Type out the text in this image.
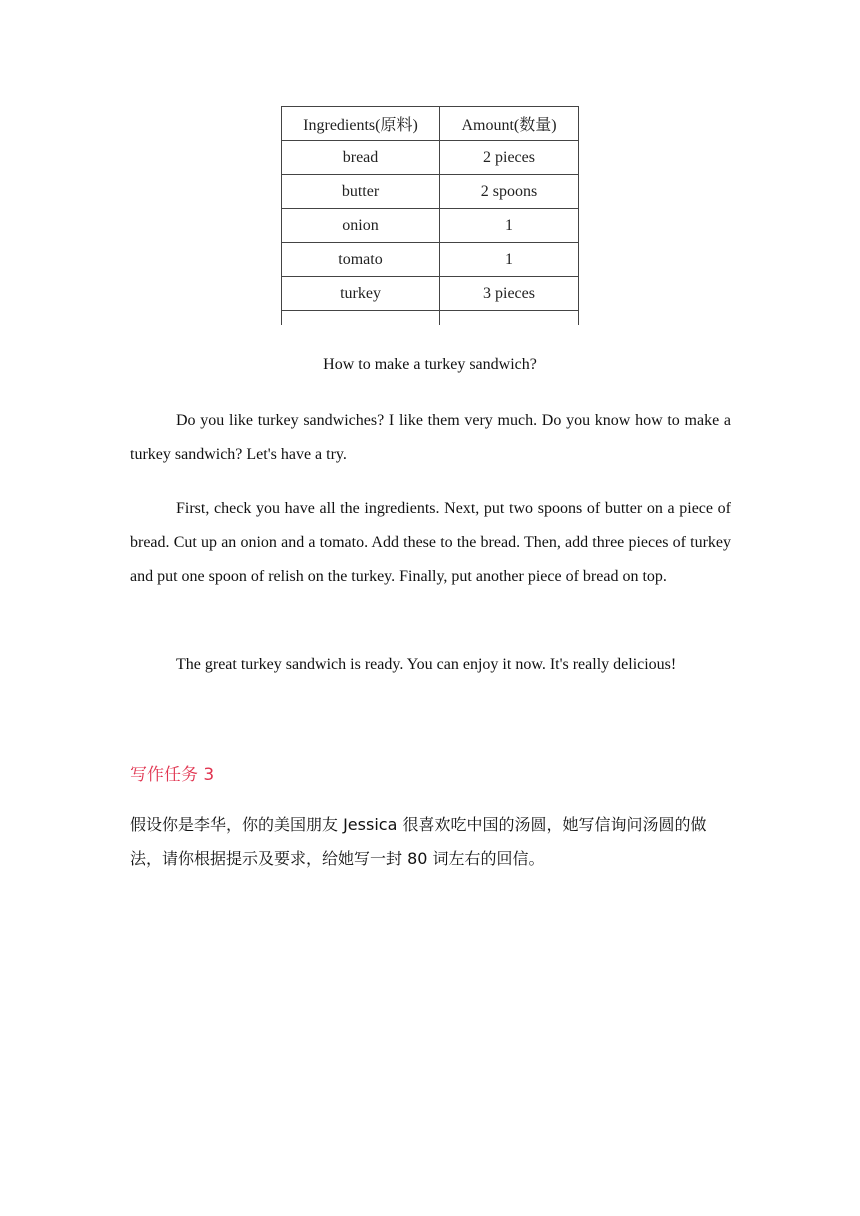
Ingredients(原料)	Amount(数量)
bread	2 pieces
butter	2 spoons
onion	1
tomato	1
turkey	3 pieces

How to make a turkey sandwich?

Do you like turkey sandwiches? I like them very much. Do you know how to make a turkey sandwich? Let's have a try.

First, check you have all the ingredients. Next, put two spoons of butter on a piece of bread. Cut up an onion and a tomato. Add these to the bread. Then, add three pieces of turkey and put one spoon of relish on the turkey. Finally, put another piece of bread on top.

The great turkey sandwich is ready. You can enjoy it now. It's really delicious!

写作任务 3

假设你是李华，你的美国朋友 Jessica 很喜欢吃中国的汤圆，她写信询问汤圆的做法，请你根据提示及要求，给她写一封 80 词左右的回信。
